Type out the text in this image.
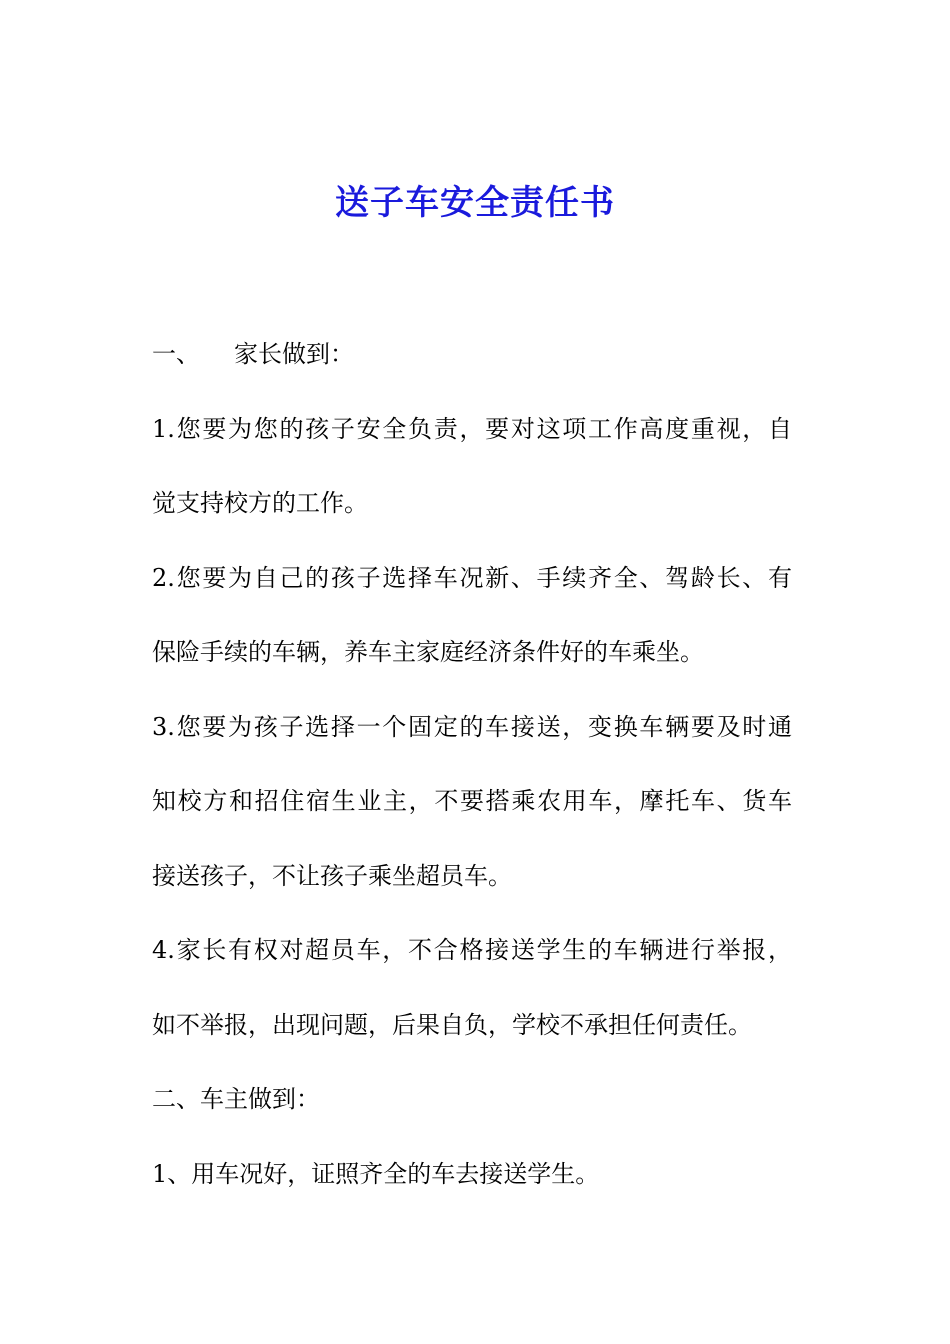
送子车安全责任书
一、 家长做到：
1.您要为您的孩子安全负责，要对这项工作高度重视，自
觉支持校方的工作。
2.您要为自己的孩子选择车况新、手续齐全、驾龄长、有
保险手续的车辆，养车主家庭经济条件好的车乘坐。
3.您要为孩子选择一个固定的车接送，变换车辆要及时通
知校方和招住宿生业主，不要搭乘农用车，摩托车、货车
接送孩子，不让孩子乘坐超员车。
4.家长有权对超员车，不合格接送学生的车辆进行举报，
如不举报，出现问题，后果自负，学校不承担任何责任。
二、车主做到：
1、用车况好，证照齐全的车去接送学生。
